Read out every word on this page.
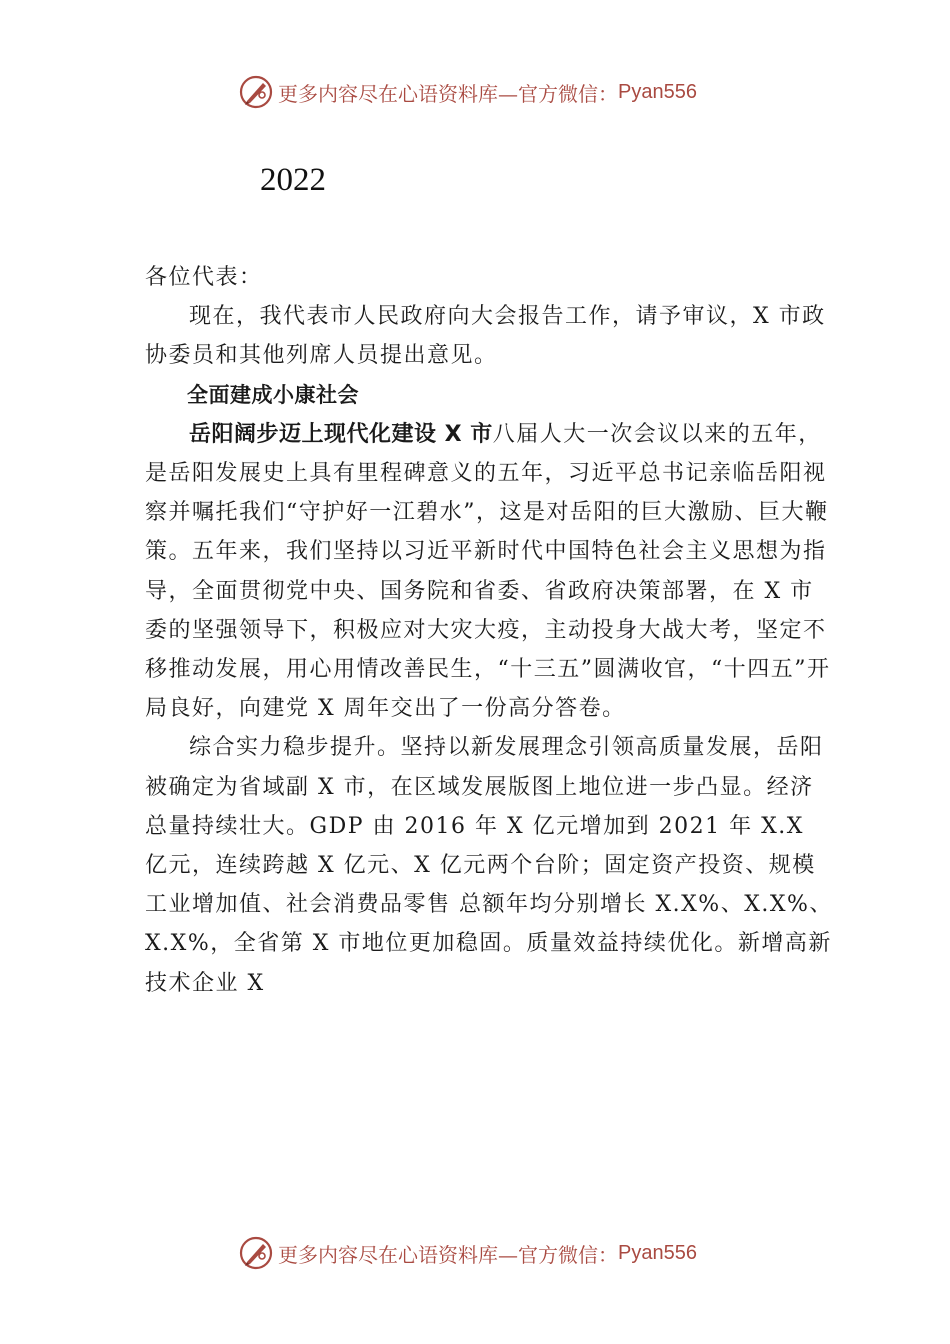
更多内容尽在心语资料库—官方微信： Pyan556
2022

各位代表：

现在，我代表市人民政府向大会报告工作，请予审议，X 市政协委员和其他列席人员提出意见。

全面建成小康社会

岳阳阔步迈上现代化建设 X 市八届人大一次会议以来的五年，是岳阳发展史上具有里程碑意义的五年，习近平总书记亲临岳阳视察并嘱托我们“守护好一江碧水”，这是对岳阳的巨大激励、巨大鞭策。五年来，我们坚持以习近平新时代中国特色社会主义思想为指导，全面贯彻党中央、国务院和省委、省政府决策部署，在 X 市委的坚强领导下，积极应对大灾大疫，主动投身大战大考，坚定不移推动发展，用心用情改善民生，“十三五”圆满收官，“十四五”开局良好，向建党 X 周年交出了一份高分答卷。

综合实力稳步提升。坚持以新发展理念引领高质量发展，岳阳被确定为省域副 X 市，在区域发展版图上地位进一步凸显。经济总量持续壮大。GDP 由 2016 年 X 亿元增加到 2021 年 X.X 亿元，连续跨越 X 亿元、X 亿元两个台阶；固定资产投资、规模工业增加值、社会消费品零售 总额年均分别增长 X.X%、X.X%、X.X%，全省第 X 市地位更加稳固。质量效益持续优化。新增高新技术企业 X

更多内容尽在心语资料库—官方微信： Pyan556
